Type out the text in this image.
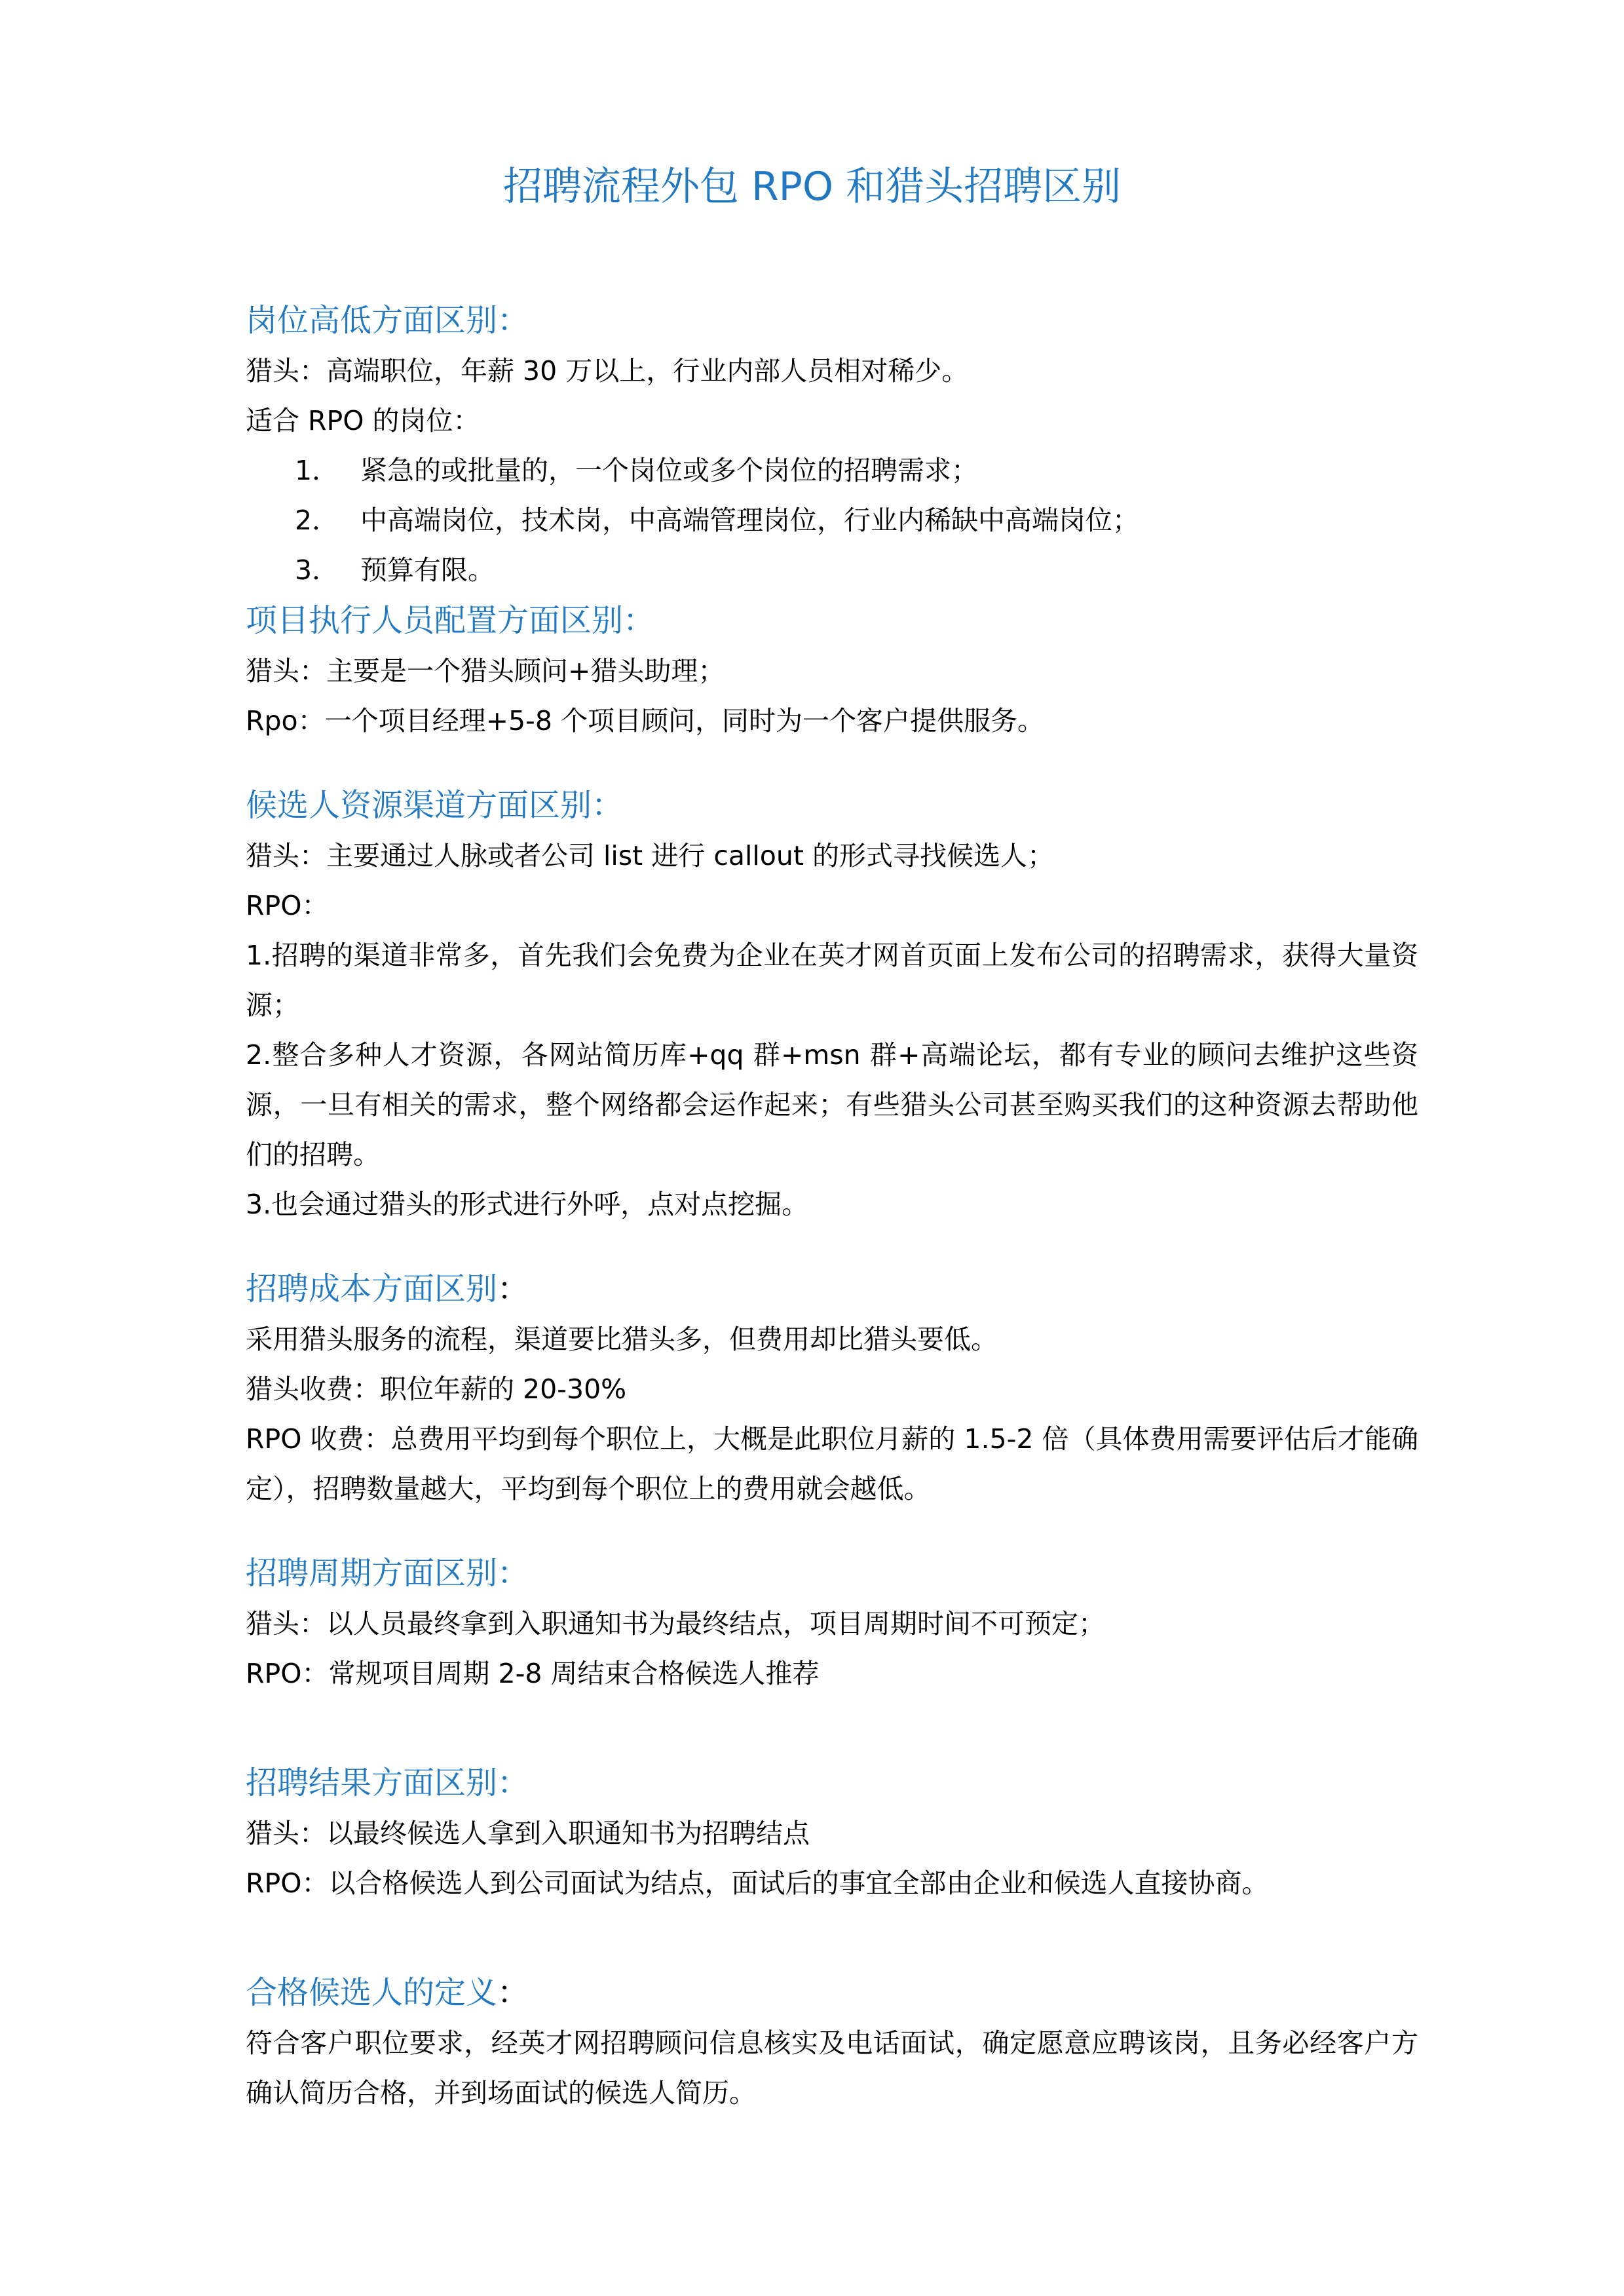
招聘流程外包 RPO 和猎头招聘区别
岗位高低方面区别：

猎头：高端职位，年薪 30 万以上，行业内部人员相对稀少。

适合 RPO 的岗位：

1． 紧急的或批量的，一个岗位或多个岗位的招聘需求；
2． 中高端岗位，技术岗，中高端管理岗位，行业内稀缺中高端岗位；
3． 预算有限。
项目执行人员配置方面区别：

猎头：主要是一个猎头顾问+猎头助理；

Rpo：一个项目经理+5-8 个项目顾问，同时为一个客户提供服务。

候选人资源渠道方面区别：

猎头：主要通过人脉或者公司 list 进行 callout 的形式寻找候选人；

RPO：

1.招聘的渠道非常多，首先我们会免费为企业在英才网首页面上发布公司的招聘需求，获得大量资源；

2.整合多种人才资源，各网站简历库+qq 群+msn 群+高端论坛，都有专业的顾问去维护这些资源，一旦有相关的需求，整个网络都会运作起来；有些猎头公司甚至购买我们的这种资源去帮助他们的招聘。

3.也会通过猎头的形式进行外呼，点对点挖掘。

招聘成本方面区别：

采用猎头服务的流程，渠道要比猎头多，但费用却比猎头要低。

猎头收费：职位年薪的 20-30%

RPO 收费：总费用平均到每个职位上，大概是此职位月薪的 1.5-2 倍（具体费用需要评估后才能确定），招聘数量越大，平均到每个职位上的费用就会越低。

招聘周期方面区别：

猎头：以人员最终拿到入职通知书为最终结点，项目周期时间不可预定；

RPO：常规项目周期 2-8 周结束合格候选人推荐

招聘结果方面区别：

猎头：以最终候选人拿到入职通知书为招聘结点

RPO：以合格候选人到公司面试为结点，面试后的事宜全部由企业和候选人直接协商。

合格候选人的定义：

符合客户职位要求，经英才网招聘顾问信息核实及电话面试，确定愿意应聘该岗，且务必经客户方确认简历合格，并到场面试的候选人简历。
